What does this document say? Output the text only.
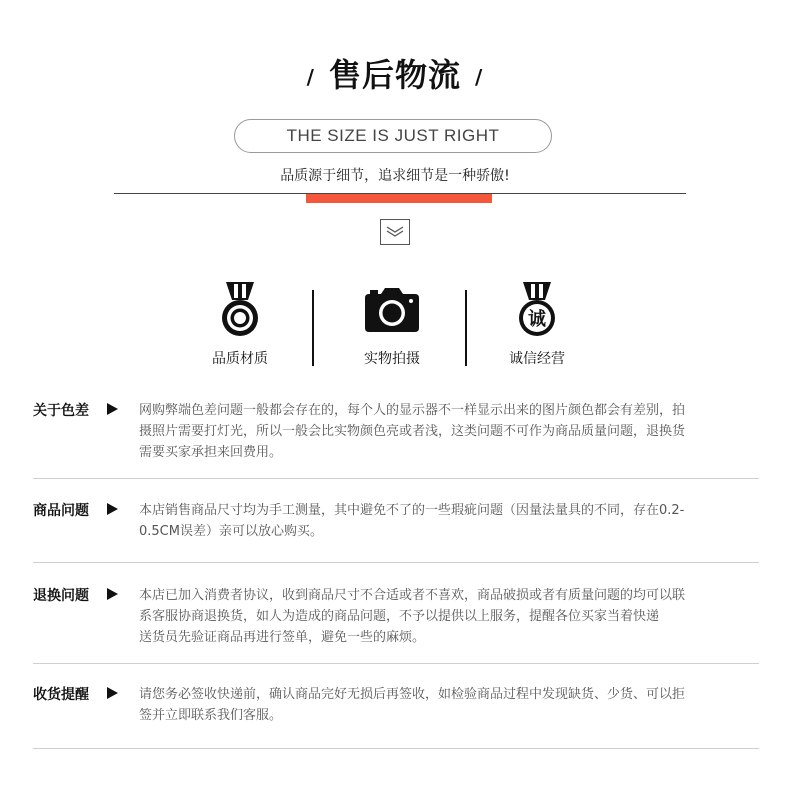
/ 售后物流 /
THE SIZE IS JUST RIGHT
品质源于细节，追求细节是一种骄傲!
品质材质	实物拍摄
诚
诚信经营
关于色差	网购弊端色差问题一般都会存在的，每个人的显示器不一样显示出来的图片颜色都会有差别，拍
摄照片需要打灯光，所以一般会比实物颜色亮或者浅，这类问题不可作为商品质量问题，退换货
需要买家承担来回费用。
商品问题	本店销售商品尺寸均为手工测量，其中避免不了的一些瑕疵问题（因量法量具的不同，存在0.2-
0.5CM误差）亲可以放心购买。
退换问题	本店已加入消费者协议，收到商品尺寸不合适或者不喜欢，商品破损或者有质量问题的均可以联
系客服协商退换货，如人为造成的商品问题，不予以提供以上服务，提醒各位买家当着快递
送货员先验证商品再进行签单，避免一些的麻烦。
收货提醒	请您务必签收快递前，确认商品完好无损后再签收，如检验商品过程中发现缺货、少货、可以拒
签并立即联系我们客服。
